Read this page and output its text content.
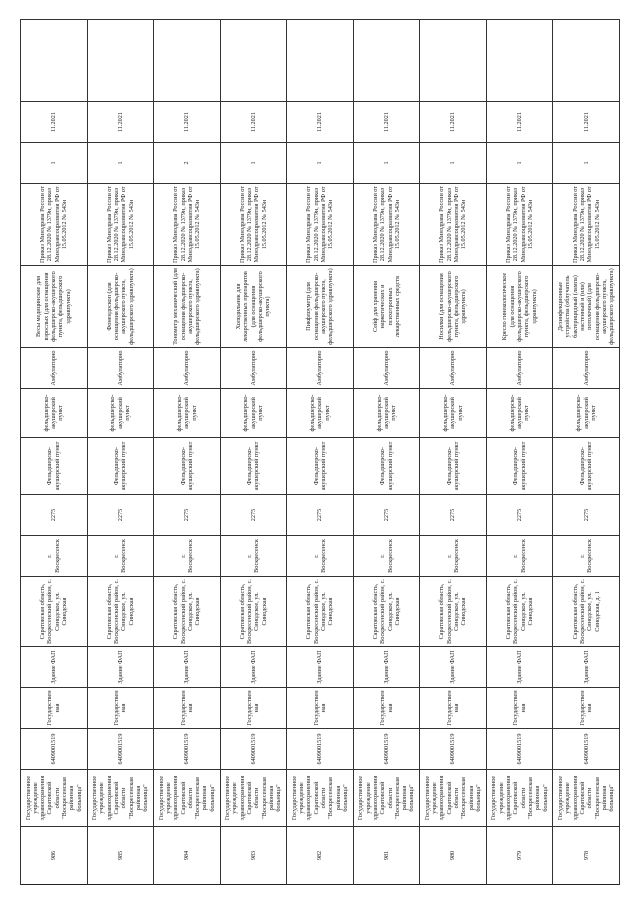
986	Государственное учреждение здравоохранения Саратовской области "Воскресенская районная больница"	6409001519	Государственная	Здание ФАП	Саратовская область, Воскресенский район, с. Синодское, ул. Синодская	г. Воскресенск	2275	Фельдшерско-акушерский пункт	фельдшерско-акушерский пункт	Амбулаторно	Весы медицинские для взрослых (для оснащения фельдшерско-акушерского пункта, фельдшерского здравпункта)	Приказ Минздрава России от 28.12.2020 № 1379н, приказ Минздравсоцразвития РФ от 15.05.2012 № 543н	1	11.2021	
985	Государственное учреждение здравоохранения Саратовской области "Воскресенская районная больница"	6409001519	Государственная	Здание ФАП	Саратовская область, Воскресенский район, с. Синодское, ул. Синодская	г. Воскресенск	2275	Фельдшерско-акушерский пункт	фельдшерско-акушерский пункт	Амбулаторно	Фонендоскоп (для оснащения фельдшерско-акушерского пункта, фельдшерского здравпункта)	Приказ Минздрава России от 28.12.2020 № 1379н, приказ Минздравсоцразвития РФ от 15.05.2012 № 543н	1	11.2021	
984	Государственное учреждение здравоохранения Саратовской области "Воскресенская районная больница"	6409001519	Государственная	Здание ФАП	Саратовская область, Воскресенский район, с. Синодское, ул. Синодская	г. Воскресенск	2275	Фельдшерско-акушерский пункт	фельдшерско-акушерский пункт	Амбулаторно	Тонометр механический (для оснащения фельдшерско-акушерского пункта, фельдшерского здравпункта)	Приказ Минздрава России от 28.12.2020 № 1379н, приказ Минздравсоцразвития РФ от 15.05.2012 № 543н	2	11.2021	
983	Государственное учреждение здравоохранения Саратовской области "Воскресенская районная больница"	6409001519	Государственная	Здание ФАП	Саратовская область, Воскресенский район, с. Синодское, ул. Синодская	г. Воскресенск	2275	Фельдшерско-акушерский пункт	фельдшерско-акушерский пункт	Амбулаторно	Холодильник для лекарственных препаратов (для оснащения фельдшерско-акушерского пункта)	Приказ Минздрава России от 28.12.2020 № 1379н, приказ Минздравсоцразвития РФ от 15.05.2012 № 543н	1	11.2021	
982	Государственное учреждение здравоохранения Саратовской области "Воскресенская районная больница"	6409001519	Государственная	Здание ФАП	Саратовская область, Воскресенский район, с. Синодское, ул. Синодская	г. Воскресенск	2275	Фельдшерско-акушерский пункт	фельдшерско-акушерский пункт	Амбулаторно	Пикфлоуметр (для оснащения фельдшерско-акушерского пункта, фельдшерского здравпункта)	Приказ Минздрава России от 28.12.2020 № 1379н, приказ Минздравсоцразвития РФ от 15.05.2012 № 543н	1	11.2021	
981	Государственное учреждение здравоохранения Саратовской области "Воскресенская районная больница"	6409001519	Государственная	Здание ФАП	Саратовская область, Воскресенский район, с. Синодское, ул. Синодская	г. Воскресенск	2275	Фельдшерско-акушерский пункт	фельдшерско-акушерский пункт	Амбулаторно	Сейф для хранения наркотических и психотропных лекарственных средств	Приказ Минздрава России от 28.12.2020 № 1379н, приказ Минздравсоцразвития РФ от 15.05.2012 № 543н	1	11.2021	
980	Государственное учреждение здравоохранения Саратовской области "Воскресенская районная больница"	6409001519	Государственная	Здание ФАП	Саратовская область, Воскресенский район, с. Синодское, ул. Синодская	г. Воскресенск	2275	Фельдшерско-акушерский пункт	фельдшерско-акушерский пункт	Амбулаторно	Носилки (для оснащения фельдшерско-акушерского пункта, фельдшерского здравпункта)	Приказ Минздрава России от 28.12.2020 № 1379н, приказ Минздравсоцразвития РФ от 15.05.2012 № 543н	1	11.2021	
979	Государственное учреждение здравоохранения Саратовской области "Воскресенская районная больница"	6409001519	Государственная	Здание ФАП	Саратовская область, Воскресенский район, с. Синодское, ул. Синодская	г. Воскресенск	2275	Фельдшерско-акушерский пункт	фельдшерско-акушерский пункт	Амбулаторно	Кресло гинекологическое (для оснащения фельдшерско-акушерского пункта, фельдшерского здравпункта)	Приказ Минздрава России от 28.12.2020 № 1379н, приказ Минздравсоцразвития РФ от 15.05.2012 № 543н	1	11.2021	
978	Государственное учреждение здравоохранения Саратовской области "Воскресенская районная больница"	6409001519	Государственная	Здание ФАП	Саратовская область, Воскресенский район, с. Синодское, ул. Синодская, д. 1	г. Воскресенск	2275	Фельдшерско-акушерский пункт	фельдшерско-акушерский пункт	Амбулаторно	Дезинфекционные устройства (облучатель бактерицидный (лампа) настенный и (или) потолочный) (для оснащения фельдшерско-акушерского пункта, фельдшерского здравпункта)	Приказ Минздрава России от 28.12.2020 № 1379н, приказ Минздравсоцразвития РФ от 15.05.2012 № 543н	1	11.2021	
